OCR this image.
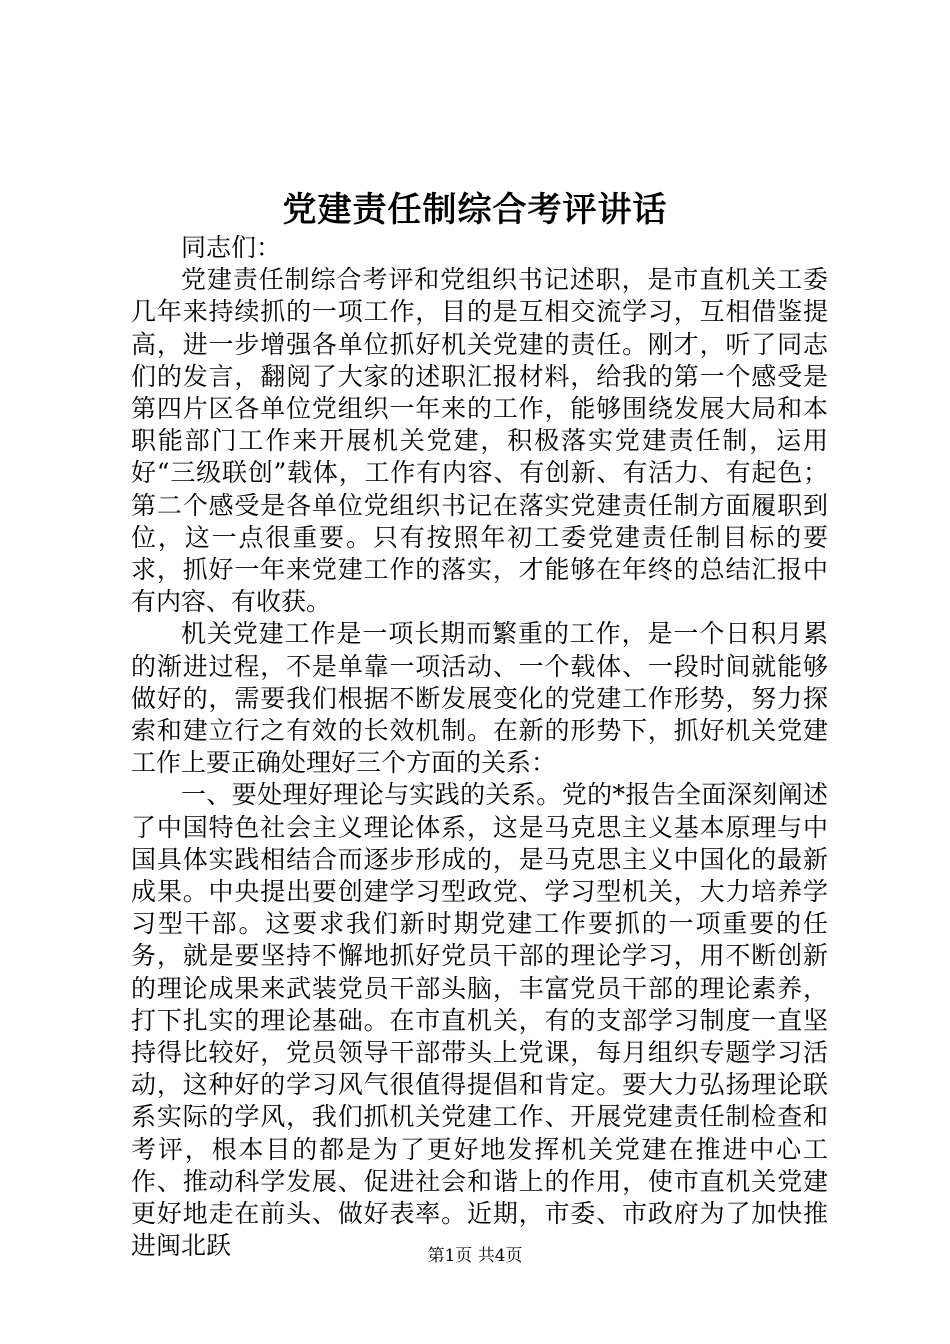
党建责任制综合考评讲话

同志们：

党建责任制综合考评和党组织书记述职，是市直机关工委几年来持续抓的一项工作，目的是互相交流学习，互相借鉴提高，进一步增强各单位抓好机关党建的责任。刚才，听了同志们的发言，翻阅了大家的述职汇报材料，给我的第一个感受是第四片区各单位党组织一年来的工作，能够围绕发展大局和本职能部门工作来开展机关党建，积极落实党建责任制，运用好“三级联创”载体，工作有内容、有创新、有活力、有起色；第二个感受是各单位党组织书记在落实党建责任制方面履职到位，这一点很重要。只有按照年初工委党建责任制目标的要求，抓好一年来党建工作的落实，才能够在年终的总结汇报中有内容、有收获。

机关党建工作是一项长期而繁重的工作，是一个日积月累的渐进过程，不是单靠一项活动、一个载体、一段时间就能够做好的，需要我们根据不断发展变化的党建工作形势，努力探索和建立行之有效的长效机制。在新的形势下，抓好机关党建工作上要正确处理好三个方面的关系：

一、要处理好理论与实践的关系。党的*报告全面深刻阐述了中国特色社会主义理论体系，这是马克思主义基本原理与中国具体实践相结合而逐步形成的，是马克思主义中国化的最新成果。中央提出要创建学习型政党、学习型机关，大力培养学习型干部。这要求我们新时期党建工作要抓的一项重要的任务，就是要坚持不懈地抓好党员干部的理论学习，用不断创新的理论成果来武装党员干部头脑，丰富党员干部的理论素养，打下扎实的理论基础。在市直机关，有的支部学习制度一直坚持得比较好，党员领导干部带头上党课，每月组织专题学习活动，这种好的学习风气很值得提倡和肯定。要大力弘扬理论联系实际的学风，我们抓机关党建工作、开展党建责任制检查和考评，根本目的都是为了更好地发挥机关党建在推进中心工作、推动科学发展、促进社会和谐上的作用，使市直机关党建更好地走在前头、做好表率。近期，市委、市政府为了加快推进闽北跃	第1页 共4页
